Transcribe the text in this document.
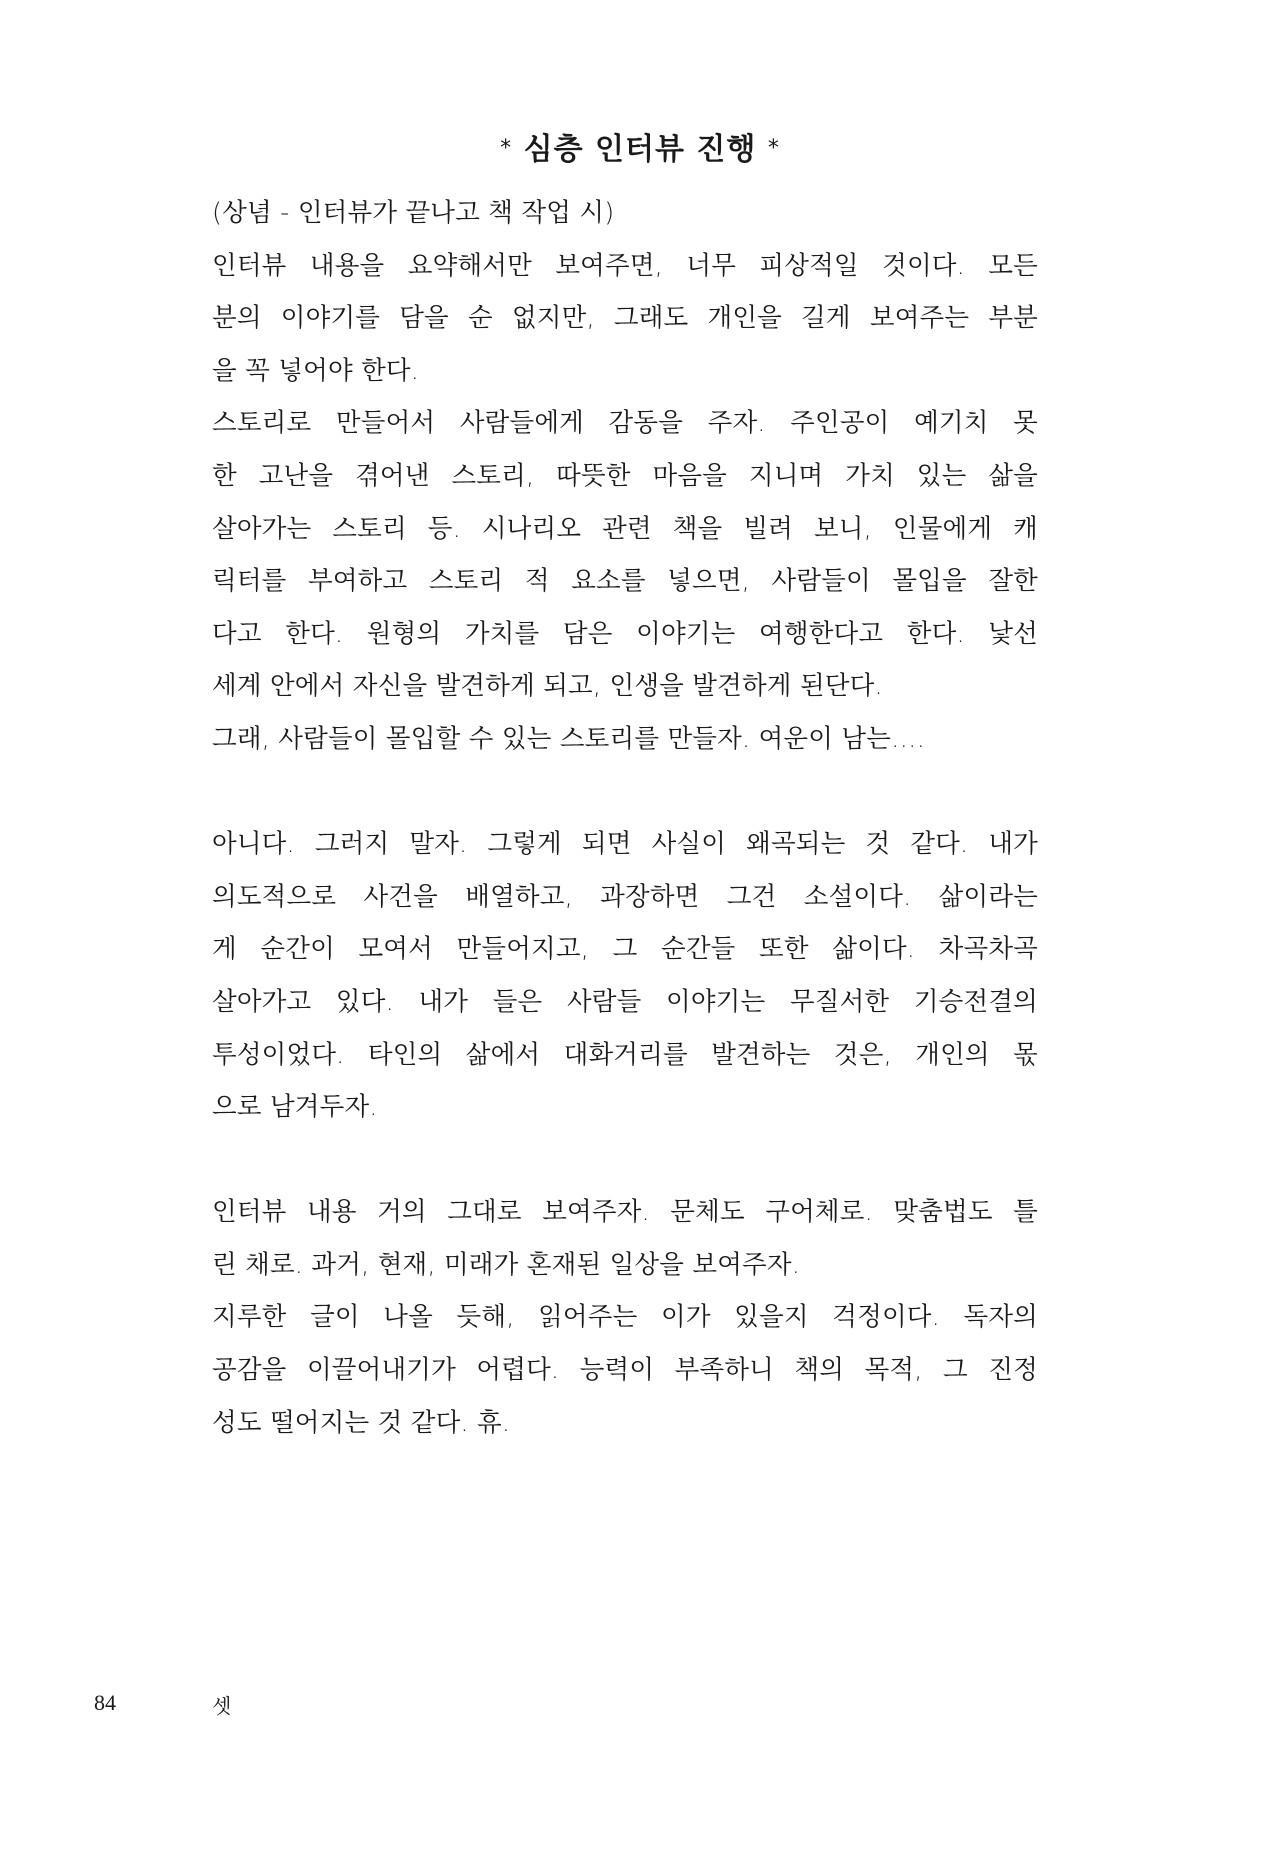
* 심층 인터뷰 진행 *
(상념 - 인터뷰가 끝나고 책 작업 시)
인터뷰 내용을 요약해서만 보여주면, 너무 피상적일 것이다. 모든
분의 이야기를 담을 순 없지만, 그래도 개인을 길게 보여주는 부분
을 꼭 넣어야 한다.
스토리로 만들어서 사람들에게 감동을 주자. 주인공이 예기치 못
한 고난을 겪어낸 스토리, 따뜻한 마음을 지니며 가치 있는 삶을
살아가는 스토리 등. 시나리오 관련 책을 빌려 보니, 인물에게 캐
릭터를 부여하고 스토리 적 요소를 넣으면, 사람들이 몰입을 잘한
다고 한다. 원형의 가치를 담은 이야기는 여행한다고 한다. 낯선
세계 안에서 자신을 발견하게 되고, 인생을 발견하게 된단다.
그래, 사람들이 몰입할 수 있는 스토리를 만들자. 여운이 남는….
아니다. 그러지 말자. 그렇게 되면 사실이 왜곡되는 것 같다. 내가
의도적으로 사건을 배열하고, 과장하면 그건 소설이다. 삶이라는
게 순간이 모여서 만들어지고, 그 순간들 또한 삶이다. 차곡차곡
살아가고 있다. 내가 들은 사람들 이야기는 무질서한 기승전결의
투성이었다. 타인의 삶에서 대화거리를 발견하는 것은, 개인의 몫
으로 남겨두자.
인터뷰 내용 거의 그대로 보여주자. 문체도 구어체로. 맞춤법도 틀
린 채로. 과거, 현재, 미래가 혼재된 일상을 보여주자.
지루한 글이 나올 듯해, 읽어주는 이가 있을지 걱정이다. 독자의
공감을 이끌어내기가 어렵다. 능력이 부족하니 책의 목적, 그 진정
성도 떨어지는 것 같다. 휴.
84	셋
